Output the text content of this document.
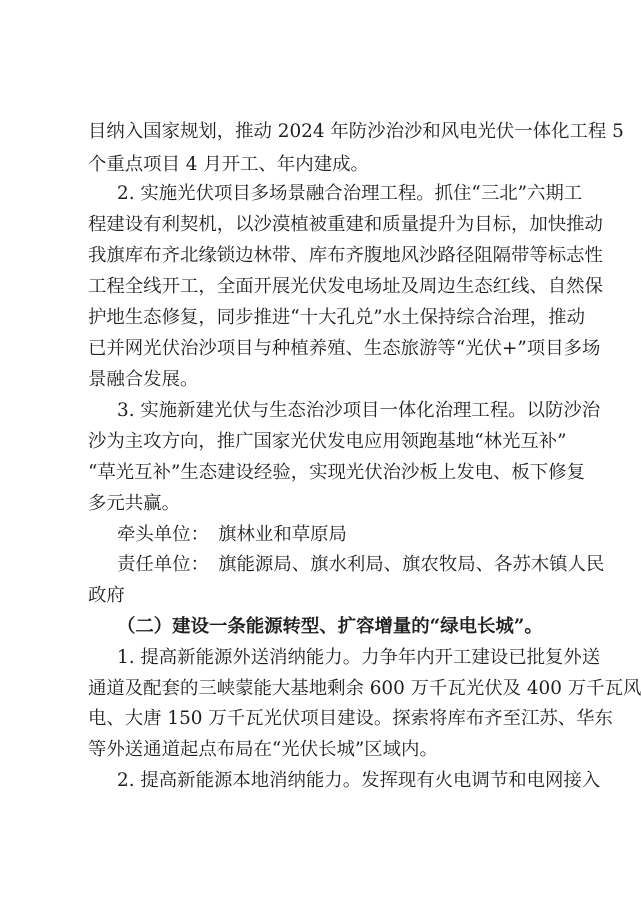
目纳入国家规划，推动 2024 年防沙治沙和风电光伏一体化工程 5
个重点项目 4 月开工、年内建成。
2. 实施光伏项目多场景融合治理工程。抓住“三北”六期工
程建设有利契机，以沙漠植被重建和质量提升为目标，加快推动
我旗库布齐北缘锁边林带、库布齐腹地风沙路径阻隔带等标志性
工程全线开工，全面开展光伏发电场址及周边生态红线、自然保
护地生态修复，同步推进“十大孔兑”水土保持综合治理，推动
已并网光伏治沙项目与种植养殖、生态旅游等“光伏+”项目多场
景融合发展。
3. 实施新建光伏与生态治沙项目一体化治理工程。以防沙治
沙为主攻方向，推广国家光伏发电应用领跑基地“林光互补”
“草光互补”生态建设经验，实现光伏治沙板上发电、板下修复
多元共赢。
牵头单位：　旗林业和草原局
责任单位：　旗能源局、旗水利局、旗农牧局、各苏木镇人民
政府
（二）建设一条能源转型、扩容增量的“绿电长城”。
1. 提高新能源外送消纳能力。力争年内开工建设已批复外送
通道及配套的三峡蒙能大基地剩余 600 万千瓦光伏及 400 万千瓦风
电、大唐 150 万千瓦光伏项目建设。探索将库布齐至江苏、华东
等外送通道起点布局在“光伏长城”区域内。
2. 提高新能源本地消纳能力。发挥现有火电调节和电网接入
